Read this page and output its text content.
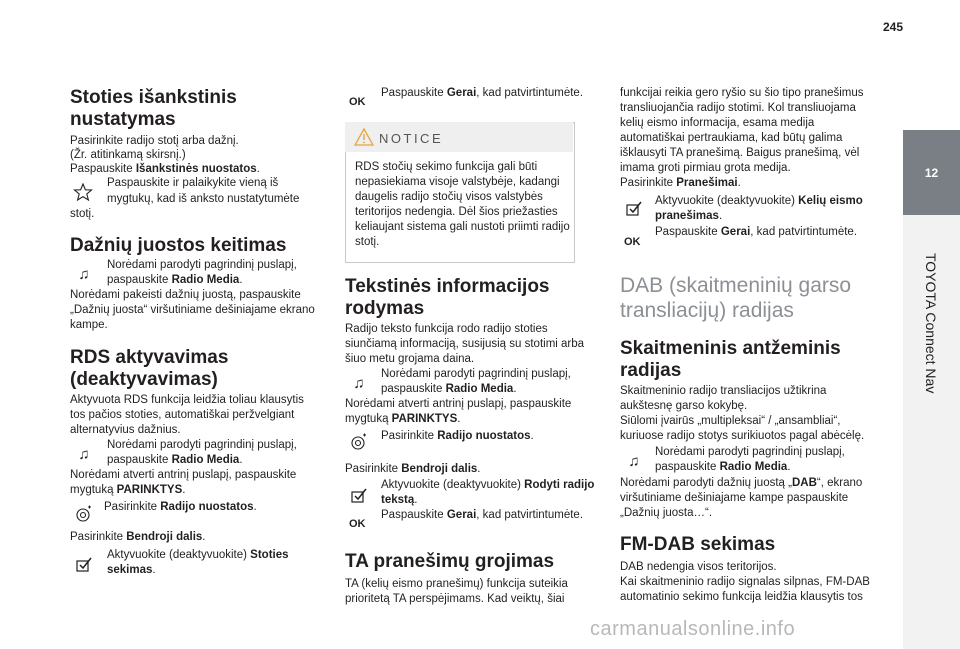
245
12
TOYOTA Connect Nav
Stoties išankstinis
nustatymas
Pasirinkite radijo stotį arba dažnį.
(Žr. atitinkamą skirsnį.)
Paspauskite Išankstinės nuostatos.
Paspauskite ir palaikykite vieną iš
mygtukų, kad iš anksto nustatytumėte
stotį.
Dažnių juostos keitimas
♫
Norėdami parodyti pagrindinį puslapį,
paspauskite Radio Media.
Norėdami pakeisti dažnių juostą, paspauskite
„Dažnių juosta“ viršutiniame dešiniajame ekrano
kampe.
RDS aktyvavimas
(deaktyvavimas)
Aktyvuota RDS funkcija leidžia toliau klausytis
tos pačios stoties, automatiškai peržvelgiant
alternatyvius dažnius.
♫
Norėdami parodyti pagrindinį puslapį,
paspauskite Radio Media.
Norėdami atverti antrinį puslapį, paspauskite
mygtuką PARINKTYS.
Pasirinkite Radijo nuostatos.
Pasirinkite Bendroji dalis.
Aktyvuokite (deaktyvuokite) Stoties
sekimas.
OK
Paspauskite Gerai, kad patvirtintumėte.
NOTICE
RDS stočių sekimo funkcija gali būti
nepasiekiama visoje valstybėje, kadangi
daugelis radijo stočių visos valstybės
teritorijos nedengia. Dėl šios priežasties
keliaujant sistema gali nustoti priimti radijo
stotį.
Tekstinės informacijos
rodymas
Radijo teksto funkcija rodo radijo stoties
siunčiamą informaciją, susijusią su stotimi arba
šiuo metu grojama daina.
♫
Norėdami parodyti pagrindinį puslapį,
paspauskite Radio Media.
Norėdami atverti antrinį puslapį, paspauskite
mygtuką PARINKTYS.
Pasirinkite Radijo nuostatos.
Pasirinkite Bendroji dalis.
Aktyvuokite (deaktyvuokite) Rodyti radijo
tekstą.
OK
Paspauskite Gerai, kad patvirtintumėte.
TA pranešimų grojimas
TA (kelių eismo pranešimų) funkcija suteikia
prioritetą TA perspėjimams. Kad veiktų, šiai
funkcijai reikia gero ryšio su šio tipo pranešimus
transliuojančia radijo stotimi. Kol transliuojama
kelių eismo informacija, esama medija
automatiškai pertraukiama, kad būtų galima
išklausyti TA pranešimą. Baigus pranešimą, vėl
imama groti pirmiau grota medija.
Pasirinkite Pranešimai.
Aktyvuokite (deaktyvuokite) Kelių eismo
pranešimas.
OK
Paspauskite Gerai, kad patvirtintumėte.
DAB (skaitmeninių garso
transliacijų) radijas
Skaitmeninis antžeminis
radijas
Skaitmeninio radijo transliacijos užtikrina
aukštesnę garso kokybę.
Siūlomi įvairūs „multipleksai“ / „ansambliai“,
kuriuose radijo stotys surikiuotos pagal abėcėlę.
♫
Norėdami parodyti pagrindinį puslapį,
paspauskite Radio Media.
Norėdami parodyti dažnių juostą „DAB“, ekrano
viršutiniame dešiniajame kampe paspauskite
„Dažnių juosta…“.
FM-DAB sekimas
DAB nedengia visos teritorijos.
Kai skaitmeninio radijo signalas silpnas, FM-DAB
automatinio sekimo funkcija leidžia klausytis tos
carmanualsonline.info
